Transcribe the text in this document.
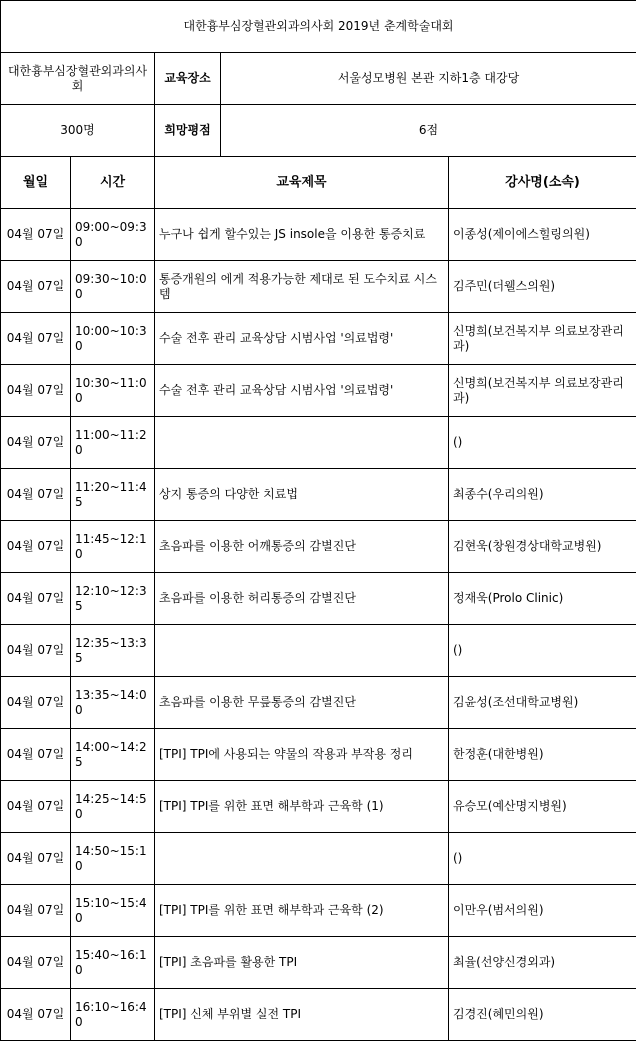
대한흉부심장혈관외과의사회 2019년 춘계학술대회				
대한흉부심장혈관외과의사회		교육장소	서울성모병원 본관 지하1층 대강당	
300명		희망평점	6점	
월일	시간	교육제목		강사명(소속)
04월 07일	09:00~09:30	누구나 쉽게 할수있는 JS insole을 이용한 통증치료		이종성(제이에스힐링의원)
04월 07일	09:30~10:00	통증개원의 에게 적용가능한 제대로 된 도수치료 시스템		김주민(더웰스의원)
04월 07일	10:00~10:30	수술 전후 관리 교육상담 시범사업 '의료법령'		신명희(보건복지부 의료보장관리과)
04월 07일	10:30~11:00	수술 전후 관리 교육상담 시범사업 '의료법령'		신명희(보건복지부 의료보장관리과)
04월 07일	11:00~11:20			()
04월 07일	11:20~11:45	상지 통증의 다양한 치료법		최종수(우리의원)
04월 07일	11:45~12:10	초음파를 이용한 어깨통증의 감별진단		김현욱(창원경상대학교병원)
04월 07일	12:10~12:35	초음파를 이용한 허리통증의 감별진단		정재욱(Prolo Clinic)
04월 07일	12:35~13:35			()
04월 07일	13:35~14:00	초음파를 이용한 무릎통증의 감별진단		김윤성(조선대학교병원)
04월 07일	14:00~14:25	[TPI] TPI에 사용되는 약물의 작용과 부작용 정리		한정훈(대한병원)
04월 07일	14:25~14:50	[TPI] TPI를 위한 표면 해부학과 근육학 (1)		유승모(예산명지병원)
04월 07일	14:50~15:10			()
04월 07일	15:10~15:40	[TPI] TPI를 위한 표면 해부학과 근육학 (2)		이만우(범서의원)
04월 07일	15:40~16:10	[TPI] 초음파를 활용한 TPI		최율(선양신경외과)
04월 07일	16:10~16:40	[TPI] 신체 부위별 실전 TPI		김경진(혜민의원)
